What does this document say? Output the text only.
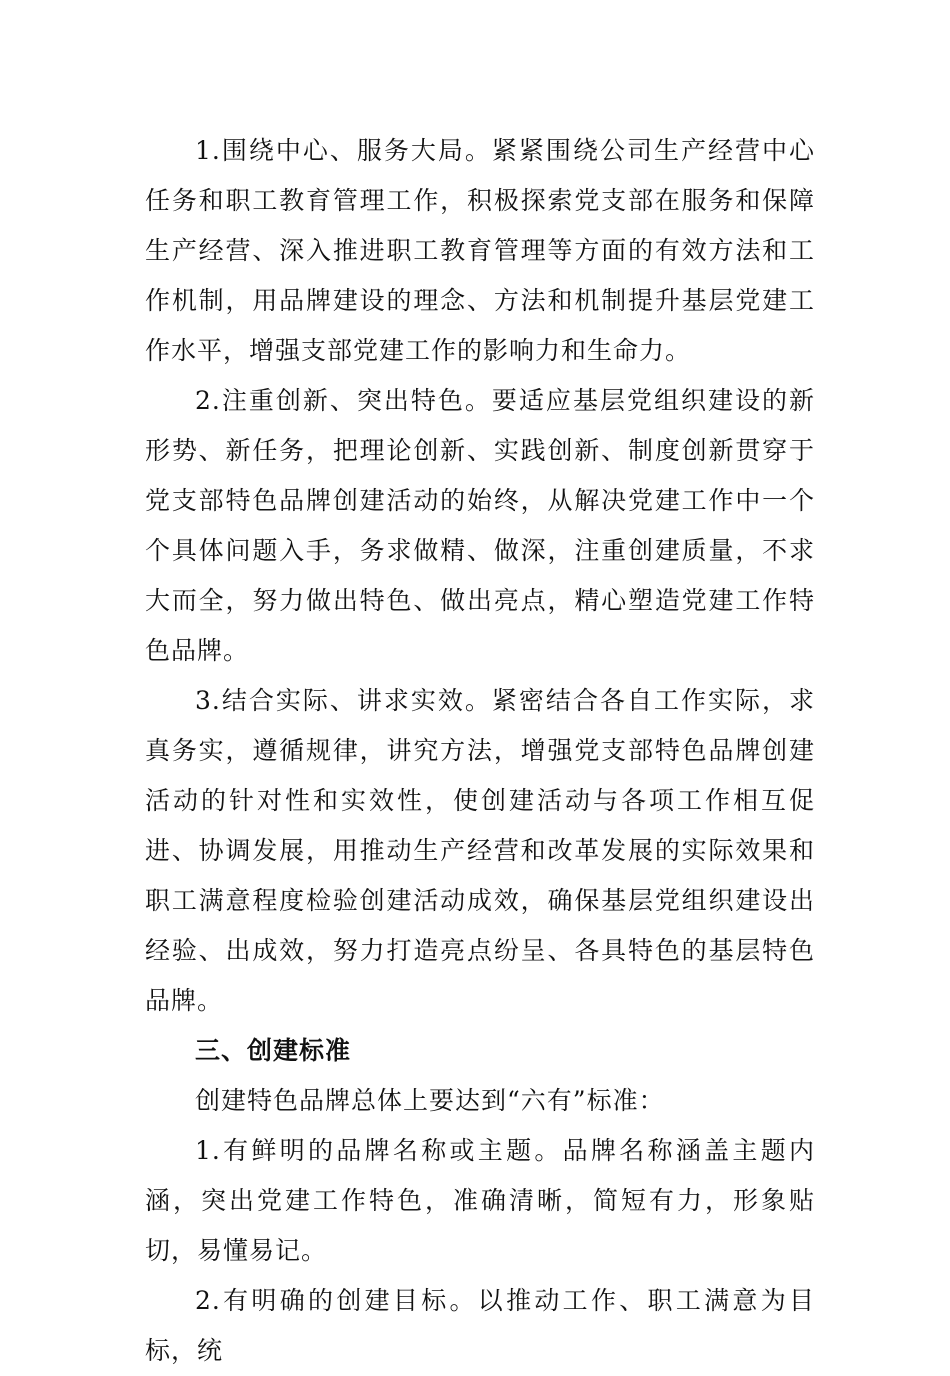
1.围绕中心、服务大局。紧紧围绕公司生产经营中心任务和职工教育管理工作，积极探索党支部在服务和保障生产经营、深入推进职工教育管理等方面的有效方法和工作机制，用品牌建设的理念、方法和机制提升基层党建工作水平，增强支部党建工作的影响力和生命力。

2.注重创新、突出特色。要适应基层党组织建设的新形势、新任务，把理论创新、实践创新、制度创新贯穿于党支部特色品牌创建活动的始终，从解决党建工作中一个个具体问题入手，务求做精、做深，注重创建质量，不求大而全，努力做出特色、做出亮点，精心塑造党建工作特色品牌。

3.结合实际、讲求实效。紧密结合各自工作实际，求真务实，遵循规律，讲究方法，增强党支部特色品牌创建活动的针对性和实效性，使创建活动与各项工作相互促进、协调发展，用推动生产经营和改革发展的实际效果和职工满意程度检验创建活动成效，确保基层党组织建设出经验、出成效，努力打造亮点纷呈、各具特色的基层特色品牌。

三、创建标准

创建特色品牌总体上要达到“六有”标准：

1.有鲜明的品牌名称或主题。品牌名称涵盖主题内涵，突出党建工作特色，准确清晰，简短有力，形象贴切，易懂易记。

2.有明确的创建目标。以推动工作、职工满意为目标，统
